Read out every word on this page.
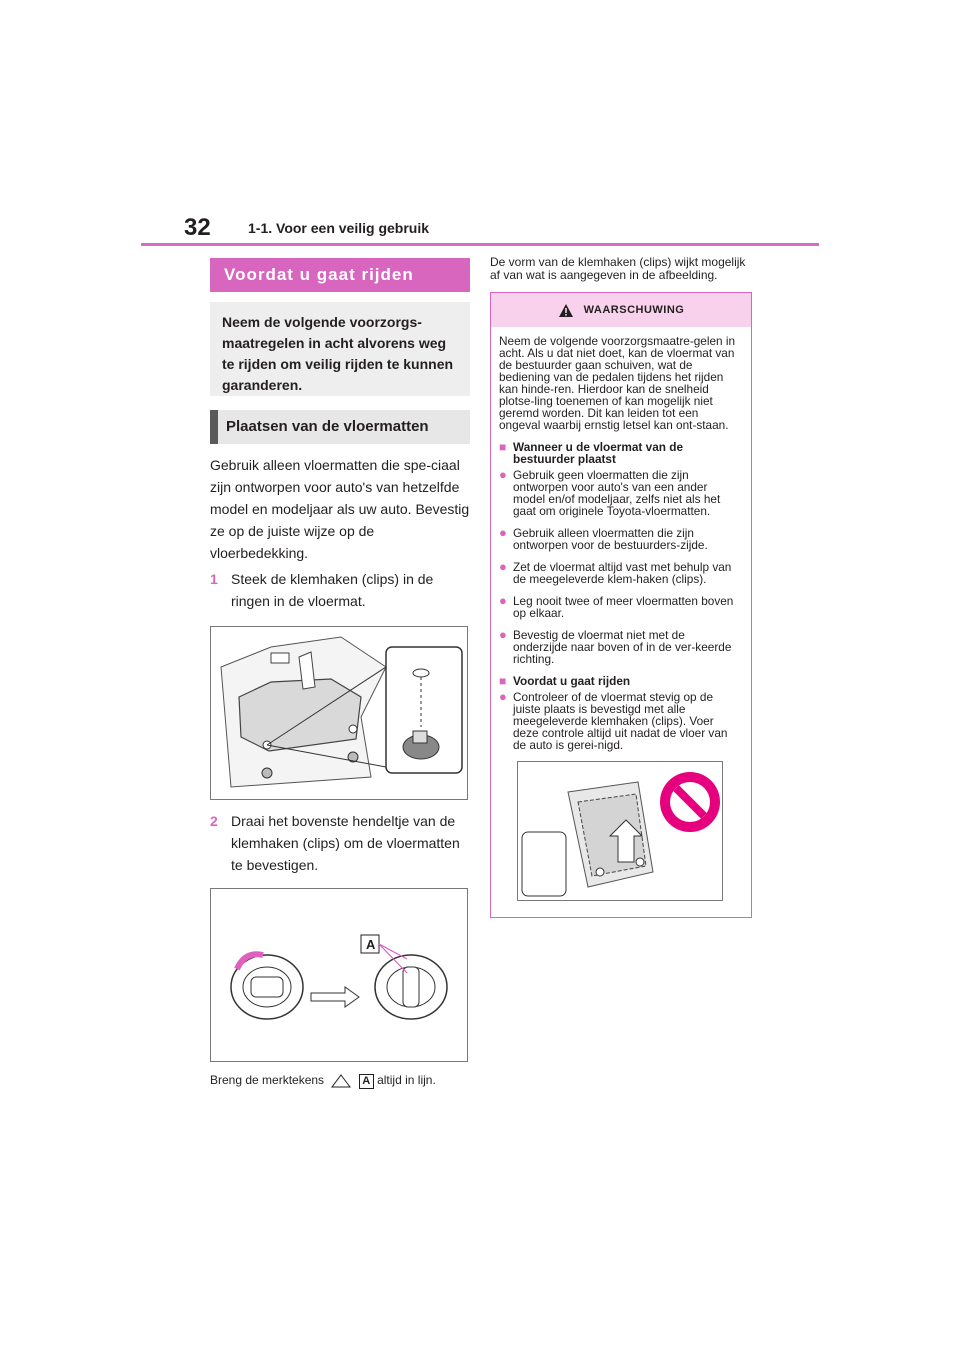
32	1-1. Voor een veilig gebruik
Voordat u gaat rijden
Neem de volgende voorzorgs-maatregelen in acht alvorens weg te rijden om veilig rijden te kunnen garanderen.
Plaatsen van de vloermatten
Gebruik alleen vloermatten die spe-ciaal zijn ontworpen voor auto's van hetzelfde model en modeljaar als uw auto. Bevestig ze op de juiste wijze op de vloerbedekking.
1 Steek de klemhaken (clips) in de ringen in de vloermat.
2 Draai het bovenste hendeltje van de klemhaken (clips) om de vloermatten te bevestigen.
A
Breng de merktekens	A altijd in lijn.
De vorm van de klemhaken (clips) wijkt mogelijk af van wat is aangegeven in de afbeelding.
WAARSCHUWING
Neem de volgende voorzorgsmaatre-gelen in acht. Als u dat niet doet, kan de vloermat van de bestuurder gaan schuiven, wat de bediening van de pedalen tijdens het rijden kan hinde-ren. Hierdoor kan de snelheid plotse-ling toenemen of kan mogelijk niet geremd worden. Dit kan leiden tot een ongeval waarbij ernstig letsel kan ont-staan.
■ Wanneer u de vloermat van de bestuurder plaatst
● Gebruik geen vloermatten die zijn ontworpen voor auto's van een ander model en/of modeljaar, zelfs niet als het gaat om originele Toyota-vloermatten.
● Gebruik alleen vloermatten die zijn ontworpen voor de bestuurders-zijde.
● Zet de vloermat altijd vast met behulp van de meegeleverde klem-haken (clips).
● Leg nooit twee of meer vloermatten boven op elkaar.
● Bevestig de vloermat niet met de onderzijde naar boven of in de ver-keerde richting.
■ Voordat u gaat rijden
● Controleer of de vloermat stevig op de juiste plaats is bevestigd met alle meegeleverde klemhaken (clips). Voer deze controle altijd uit nadat de vloer van de auto is gerei-nigd.
